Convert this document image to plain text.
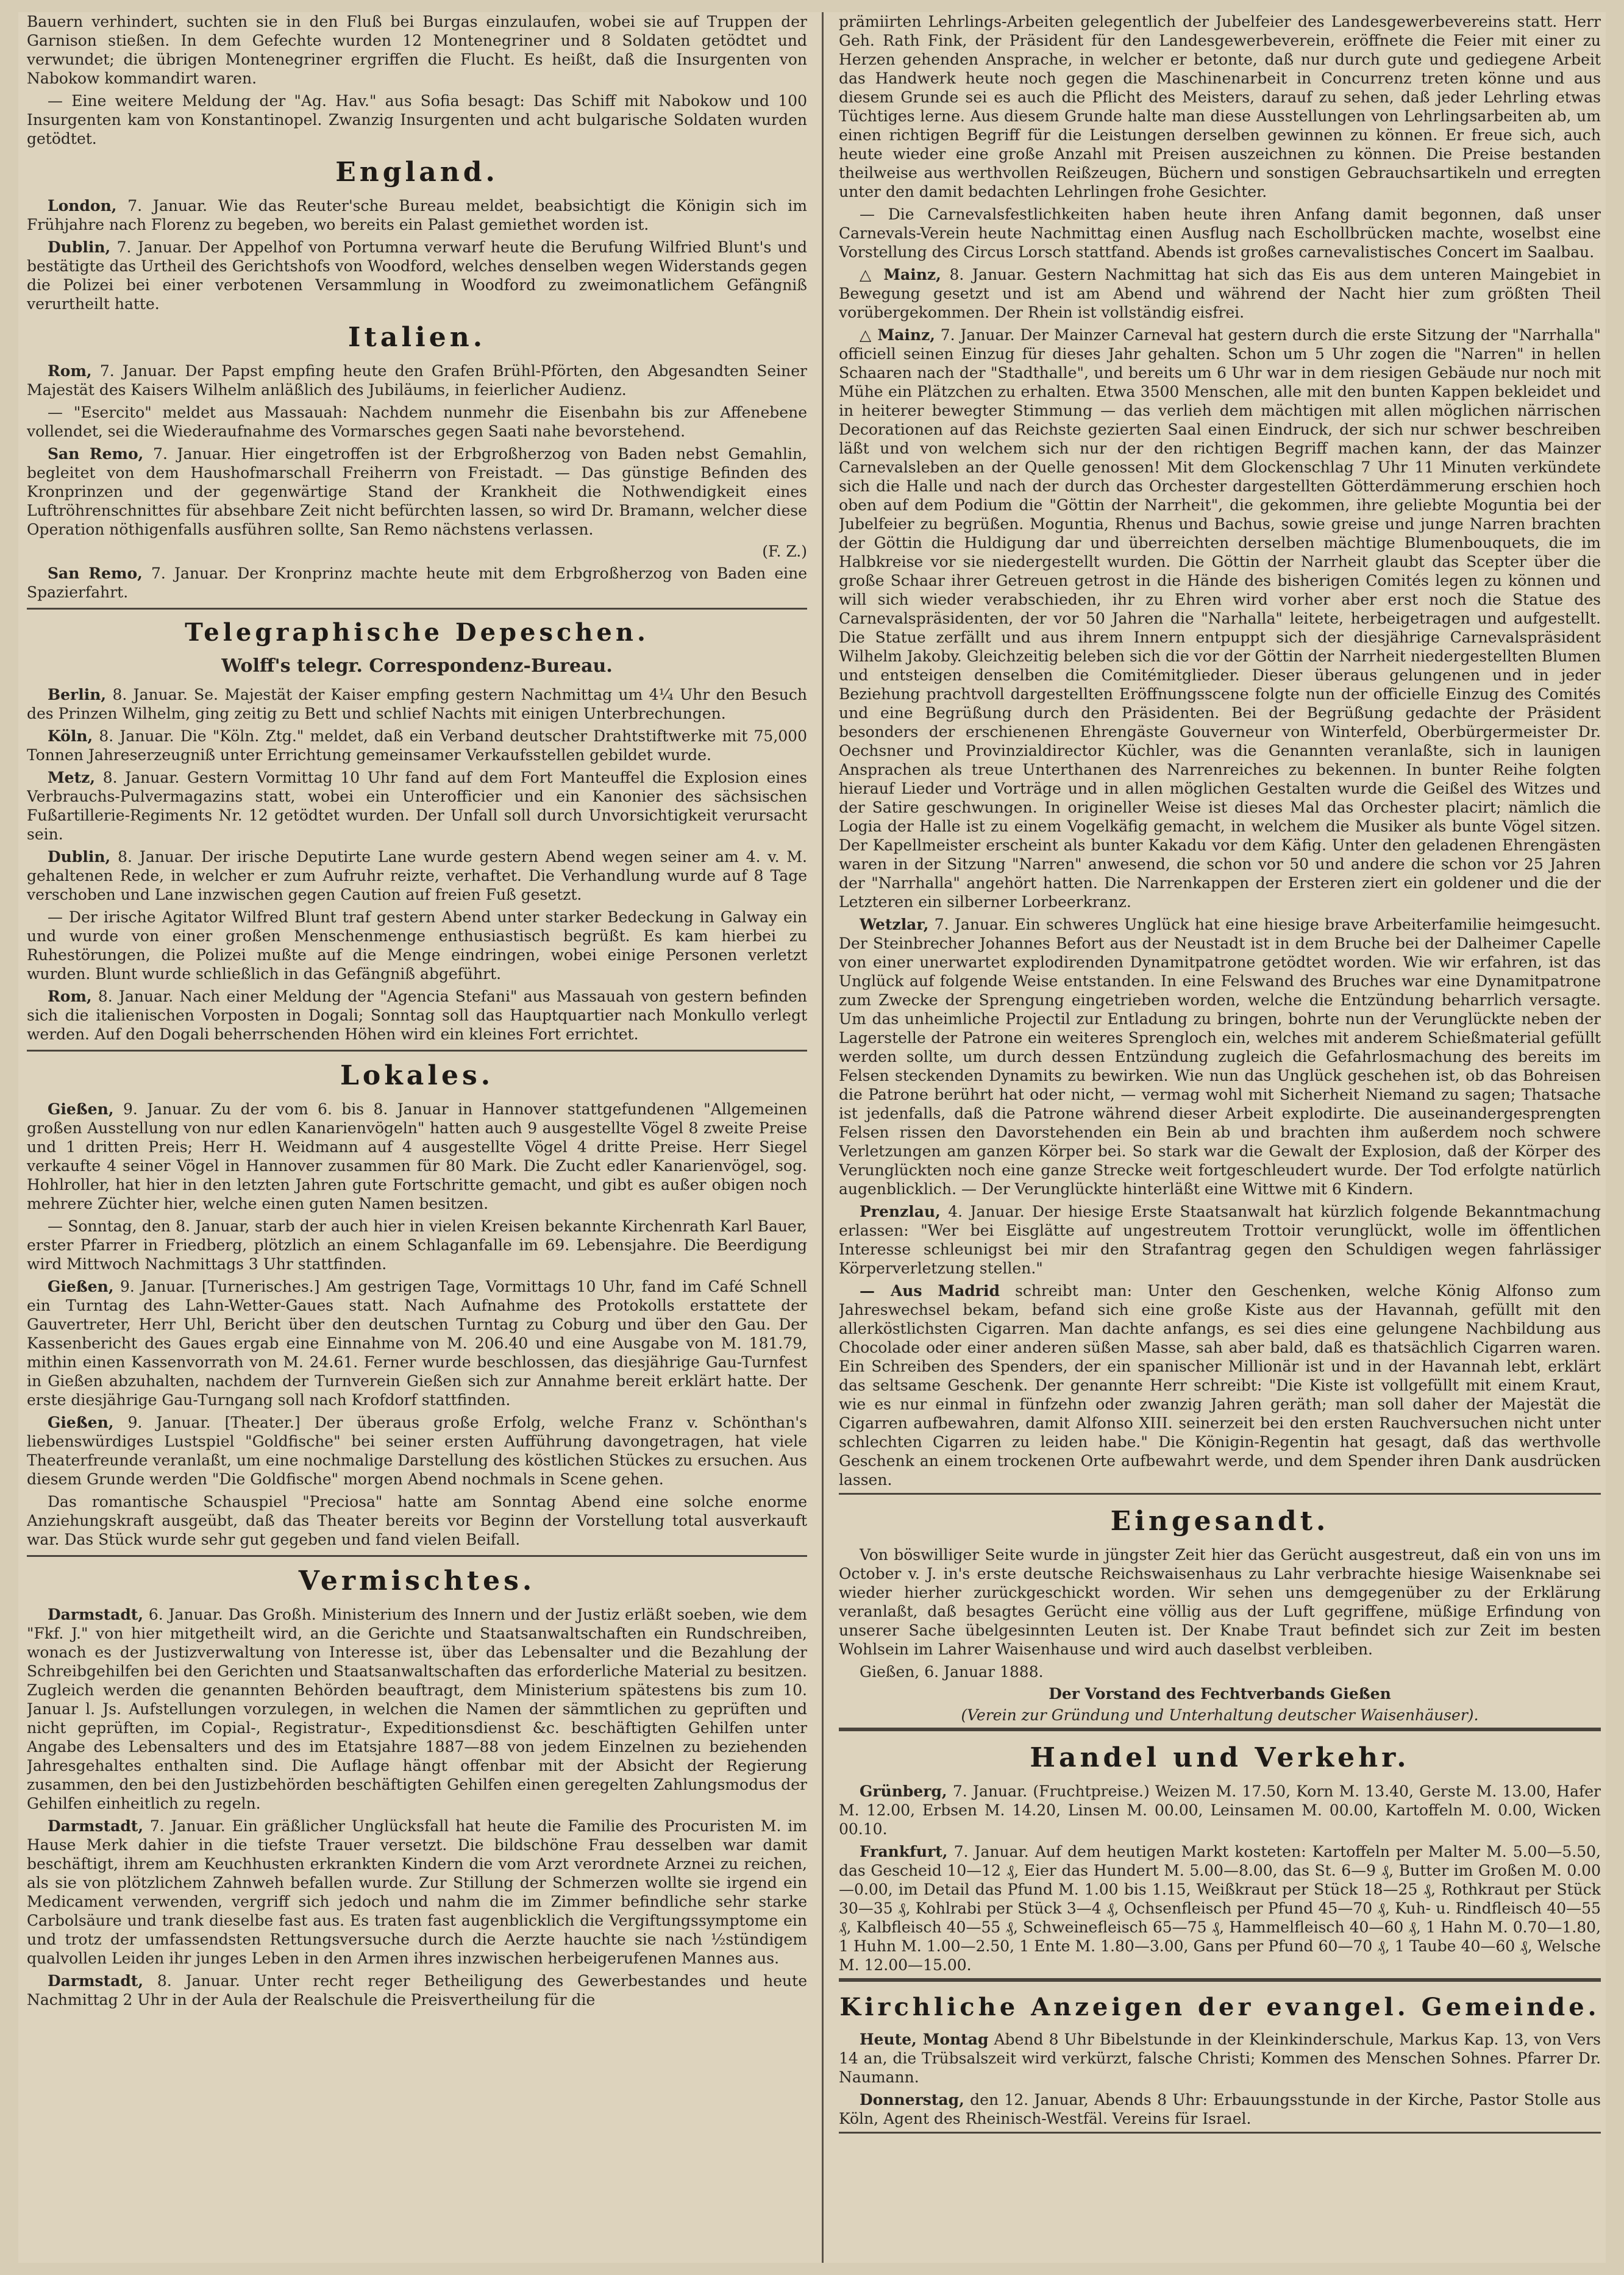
Bauern verhindert, suchten sie in den Fluß bei Burgas einzulaufen, wobei sie auf Truppen der Garnison stießen. In dem Gefechte wurden 12 Montenegriner und 8 Soldaten getödtet und verwundet; die übrigen Montenegriner ergriffen die Flucht. Es heißt, daß die Insurgenten von Nabokow kommandirt waren.

— Eine weitere Meldung der "Ag. Hav." aus Sofia besagt: Das Schiff mit Nabokow und 100 Insurgenten kam von Konstantinopel. Zwanzig Insurgenten und acht bulgarische Soldaten wurden getödtet.

England.

London, 7. Januar. Wie das Reuter'sche Bureau meldet, beabsichtigt die Königin sich im Frühjahre nach Florenz zu begeben, wo bereits ein Palast gemiethet worden ist.

Dublin, 7. Januar. Der Appelhof von Portumna verwarf heute die Berufung Wilfried Blunt's und bestätigte das Urtheil des Gerichtshofs von Woodford, welches denselben wegen Widerstands gegen die Polizei bei einer verbotenen Versammlung in Woodford zu zweimonatlichem Gefängniß verurtheilt hatte.

Italien.

Rom, 7. Januar. Der Papst empfing heute den Grafen Brühl-Pförten, den Abgesandten Seiner Majestät des Kaisers Wilhelm anläßlich des Jubiläums, in feierlicher Audienz.

— "Esercito" meldet aus Massauah: Nachdem nunmehr die Eisenbahn bis zur Affenebene vollendet, sei die Wiederaufnahme des Vormarsches gegen Saati nahe bevorstehend.

San Remo, 7. Januar. Hier eingetroffen ist der Erbgroßherzog von Baden nebst Gemahlin, begleitet von dem Haushofmarschall Freiherrn von Freistadt. — Das günstige Befinden des Kronprinzen und der gegenwärtige Stand der Krankheit die Nothwendigkeit eines Luftröhrenschnittes für absehbare Zeit nicht befürchten lassen, so wird Dr. Bramann, welcher diese Operation nöthigenfalls ausführen sollte, San Remo nächstens verlassen.

(F. Z.)

San Remo, 7. Januar. Der Kronprinz machte heute mit dem Erbgroßherzog von Baden eine Spazierfahrt.

Telegraphische Depeschen.
Wolff's telegr. Correspondenz-Bureau.

Berlin, 8. Januar. Se. Majestät der Kaiser empfing gestern Nachmittag um 4¼ Uhr den Besuch des Prinzen Wilhelm, ging zeitig zu Bett und schlief Nachts mit einigen Unterbrechungen.

Köln, 8. Januar. Die "Köln. Ztg." meldet, daß ein Verband deutscher Drahtstiftwerke mit 75,000 Tonnen Jahreserzeugniß unter Errichtung gemeinsamer Verkaufsstellen gebildet wurde.

Metz, 8. Januar. Gestern Vormittag 10 Uhr fand auf dem Fort Manteuffel die Explosion eines Verbrauchs-Pulvermagazins statt, wobei ein Unterofficier und ein Kanonier des sächsischen Fußartillerie-Regiments Nr. 12 getödtet wurden. Der Unfall soll durch Unvorsichtigkeit verursacht sein.

Dublin, 8. Januar. Der irische Deputirte Lane wurde gestern Abend wegen seiner am 4. v. M. gehaltenen Rede, in welcher er zum Aufruhr reizte, verhaftet. Die Verhandlung wurde auf 8 Tage verschoben und Lane inzwischen gegen Caution auf freien Fuß gesetzt.

— Der irische Agitator Wilfred Blunt traf gestern Abend unter starker Bedeckung in Galway ein und wurde von einer großen Menschenmenge enthusiastisch begrüßt. Es kam hierbei zu Ruhestörungen, die Polizei mußte auf die Menge eindringen, wobei einige Personen verletzt wurden. Blunt wurde schließlich in das Gefängniß abgeführt.

Rom, 8. Januar. Nach einer Meldung der "Agencia Stefani" aus Massauah von gestern befinden sich die italienischen Vorposten in Dogali; Sonntag soll das Hauptquartier nach Monkullo verlegt werden. Auf den Dogali beherrschenden Höhen wird ein kleines Fort errichtet.

Lokales.

Gießen, 9. Januar. Zu der vom 6. bis 8. Januar in Hannover stattgefundenen "Allgemeinen großen Ausstellung von nur edlen Kanarienvögeln" hatten auch 9 ausgestellte Vögel 8 zweite Preise und 1 dritten Preis; Herr H. Weidmann auf 4 ausgestellte Vögel 4 dritte Preise. Herr Siegel verkaufte 4 seiner Vögel in Hannover zusammen für 80 Mark. Die Zucht edler Kanarienvögel, sog. Hohlroller, hat hier in den letzten Jahren gute Fortschritte gemacht, und gibt es außer obigen noch mehrere Züchter hier, welche einen guten Namen besitzen.

— Sonntag, den 8. Januar, starb der auch hier in vielen Kreisen bekannte Kirchenrath Karl Bauer, erster Pfarrer in Friedberg, plötzlich an einem Schlaganfalle im 69. Lebensjahre. Die Beerdigung wird Mittwoch Nachmittags 3 Uhr stattfinden.

Gießen, 9. Januar. [Turnerisches.] Am gestrigen Tage, Vormittags 10 Uhr, fand im Café Schnell ein Turntag des Lahn-Wetter-Gaues statt. Nach Aufnahme des Protokolls erstattete der Gauvertreter, Herr Uhl, Bericht über den deutschen Turntag zu Coburg und über den Gau. Der Kassenbericht des Gaues ergab eine Einnahme von M. 206.40 und eine Ausgabe von M. 181.79, mithin einen Kassenvorrath von M. 24.61. Ferner wurde beschlossen, das diesjährige Gau-Turnfest in Gießen abzuhalten, nachdem der Turnverein Gießen sich zur Annahme bereit erklärt hatte. Der erste diesjährige Gau-Turngang soll nach Krofdorf stattfinden.

Gießen, 9. Januar. [Theater.] Der überaus große Erfolg, welche Franz v. Schönthan's liebenswürdiges Lustspiel "Goldfische" bei seiner ersten Aufführung davongetragen, hat viele Theaterfreunde veranlaßt, um eine nochmalige Darstellung des köstlichen Stückes zu ersuchen. Aus diesem Grunde werden "Die Goldfische" morgen Abend nochmals in Scene gehen.

Das romantische Schauspiel "Preciosa" hatte am Sonntag Abend eine solche enorme Anziehungskraft ausgeübt, daß das Theater bereits vor Beginn der Vorstellung total ausverkauft war. Das Stück wurde sehr gut gegeben und fand vielen Beifall.

Vermischtes.

Darmstadt, 6. Januar. Das Großh. Ministerium des Innern und der Justiz erläßt soeben, wie dem "Fkf. J." von hier mitgetheilt wird, an die Gerichte und Staatsanwaltschaften ein Rundschreiben, wonach es der Justizverwaltung von Interesse ist, über das Lebensalter und die Bezahlung der Schreibgehilfen bei den Gerichten und Staatsanwaltschaften das erforderliche Material zu besitzen. Zugleich werden die genannten Behörden beauftragt, dem Ministerium spätestens bis zum 10. Januar l. Js. Aufstellungen vorzulegen, in welchen die Namen der sämmtlichen zu geprüften und nicht geprüften, im Copial-, Registratur-, Expeditionsdienst &c. beschäftigten Gehilfen unter Angabe des Lebensalters und des im Etatsjahre 1887—88 von jedem Einzelnen zu beziehenden Jahresgehaltes enthalten sind. Die Auflage hängt offenbar mit der Absicht der Regierung zusammen, den bei den Justizbehörden beschäftigten Gehilfen einen geregelten Zahlungsmodus der Gehilfen einheitlich zu regeln.

Darmstadt, 7. Januar. Ein gräßlicher Unglücksfall hat heute die Familie des Procuristen M. im Hause Merk dahier in die tiefste Trauer versetzt. Die bildschöne Frau desselben war damit beschäftigt, ihrem am Keuchhusten erkrankten Kindern die vom Arzt verordnete Arznei zu reichen, als sie von plötzlichem Zahnweh befallen wurde. Zur Stillung der Schmerzen wollte sie irgend ein Medicament verwenden, vergriff sich jedoch und nahm die im Zimmer befindliche sehr starke Carbolsäure und trank dieselbe fast aus. Es traten fast augenblicklich die Vergiftungssymptome ein und trotz der umfassendsten Rettungsversuche durch die Aerzte hauchte sie nach ½stündigem qualvollen Leiden ihr junges Leben in den Armen ihres inzwischen herbeigerufenen Mannes aus.

Darmstadt, 8. Januar. Unter recht reger Betheiligung des Gewerbestandes und heute Nachmittag 2 Uhr in der Aula der Realschule die Preisvertheilung für die

prämiirten Lehrlings-Arbeiten gelegentlich der Jubelfeier des Landesgewerbevereins statt. Herr Geh. Rath Fink, der Präsident für den Landesgewerbeverein, eröffnete die Feier mit einer zu Herzen gehenden Ansprache, in welcher er betonte, daß nur durch gute und gediegene Arbeit das Handwerk heute noch gegen die Maschinenarbeit in Concurrenz treten könne und aus diesem Grunde sei es auch die Pflicht des Meisters, darauf zu sehen, daß jeder Lehrling etwas Tüchtiges lerne. Aus diesem Grunde halte man diese Ausstellungen von Lehrlingsarbeiten ab, um einen richtigen Begriff für die Leistungen derselben gewinnen zu können. Er freue sich, auch heute wieder eine große Anzahl mit Preisen auszeichnen zu können. Die Preise bestanden theilweise aus werthvollen Reißzeugen, Büchern und sonstigen Gebrauchsartikeln und erregten unter den damit bedachten Lehrlingen frohe Gesichter.

— Die Carnevalsfestlichkeiten haben heute ihren Anfang damit begonnen, daß unser Carnevals-Verein heute Nachmittag einen Ausflug nach Eschollbrücken machte, woselbst eine Vorstellung des Circus Lorsch stattfand. Abends ist großes carnevalistisches Concert im Saalbau.

△ Mainz, 8. Januar. Gestern Nachmittag hat sich das Eis aus dem unteren Maingebiet in Bewegung gesetzt und ist am Abend und während der Nacht hier zum größten Theil vorübergekommen. Der Rhein ist vollständig eisfrei.

△ Mainz, 7. Januar. Der Mainzer Carneval hat gestern durch die erste Sitzung der "Narrhalla" officiell seinen Einzug für dieses Jahr gehalten. Schon um 5 Uhr zogen die "Narren" in hellen Schaaren nach der "Stadthalle", und bereits um 6 Uhr war in dem riesigen Gebäude nur noch mit Mühe ein Plätzchen zu erhalten. Etwa 3500 Menschen, alle mit den bunten Kappen bekleidet und in heiterer bewegter Stimmung — das verlieh dem mächtigen mit allen möglichen närrischen Decorationen auf das Reichste gezierten Saal einen Eindruck, der sich nur schwer beschreiben läßt und von welchem sich nur der den richtigen Begriff machen kann, der das Mainzer Carnevalsleben an der Quelle genossen! Mit dem Glockenschlag 7 Uhr 11 Minuten verkündete sich die Halle und nach der durch das Orchester dargestellten Götterdämmerung erschien hoch oben auf dem Podium die "Göttin der Narrheit", die gekommen, ihre geliebte Moguntia bei der Jubelfeier zu begrüßen. Moguntia, Rhenus und Bachus, sowie greise und junge Narren brachten der Göttin die Huldigung dar und überreichten derselben mächtige Blumenbouquets, die im Halbkreise vor sie niedergestellt wurden. Die Göttin der Narrheit glaubt das Scepter über die große Schaar ihrer Getreuen getrost in die Hände des bisherigen Comités legen zu können und will sich wieder verabschieden, ihr zu Ehren wird vorher aber erst noch die Statue des Carnevalspräsidenten, der vor 50 Jahren die "Narhalla" leitete, herbeigetragen und aufgestellt. Die Statue zerfällt und aus ihrem Innern entpuppt sich der diesjährige Carnevalspräsident Wilhelm Jakoby. Gleichzeitig beleben sich die vor der Göttin der Narrheit niedergestellten Blumen und entsteigen denselben die Comitémitglieder. Dieser überaus gelungenen und in jeder Beziehung prachtvoll dargestellten Eröffnungsscene folgte nun der officielle Einzug des Comités und eine Begrüßung durch den Präsidenten. Bei der Begrüßung gedachte der Präsident besonders der erschienenen Ehrengäste Gouverneur von Winterfeld, Oberbürgermeister Dr. Oechsner und Provinzialdirector Küchler, was die Genannten veranlaßte, sich in launigen Ansprachen als treue Unterthanen des Narrenreiches zu bekennen. In bunter Reihe folgten hierauf Lieder und Vorträge und in allen möglichen Gestalten wurde die Geißel des Witzes und der Satire geschwungen. In origineller Weise ist dieses Mal das Orchester placirt; nämlich die Logia der Halle ist zu einem Vogelkäfig gemacht, in welchem die Musiker als bunte Vögel sitzen. Der Kapellmeister erscheint als bunter Kakadu vor dem Käfig. Unter den geladenen Ehrengästen waren in der Sitzung "Narren" anwesend, die schon vor 50 und andere die schon vor 25 Jahren der "Narrhalla" angehört hatten. Die Narrenkappen der Ersteren ziert ein goldener und die der Letzteren ein silberner Lorbeerkranz.

Wetzlar, 7. Januar. Ein schweres Unglück hat eine hiesige brave Arbeiterfamilie heimgesucht. Der Steinbrecher Johannes Befort aus der Neustadt ist in dem Bruche bei der Dalheimer Capelle von einer unerwartet explodirenden Dynamitpatrone getödtet worden. Wie wir erfahren, ist das Unglück auf folgende Weise entstanden. In eine Felswand des Bruches war eine Dynamitpatrone zum Zwecke der Sprengung eingetrieben worden, welche die Entzündung beharrlich versagte. Um das unheimliche Projectil zur Entladung zu bringen, bohrte nun der Verunglückte neben der Lagerstelle der Patrone ein weiteres Sprengloch ein, welches mit anderem Schießmaterial gefüllt werden sollte, um durch dessen Entzündung zugleich die Gefahrlosmachung des bereits im Felsen steckenden Dynamits zu bewirken. Wie nun das Unglück geschehen ist, ob das Bohreisen die Patrone berührt hat oder nicht, — vermag wohl mit Sicherheit Niemand zu sagen; Thatsache ist jedenfalls, daß die Patrone während dieser Arbeit explodirte. Die auseinandergesprengten Felsen rissen den Davorstehenden ein Bein ab und brachten ihm außerdem noch schwere Verletzungen am ganzen Körper bei. So stark war die Gewalt der Explosion, daß der Körper des Verunglückten noch eine ganze Strecke weit fortgeschleudert wurde. Der Tod erfolgte natürlich augenblicklich. — Der Verunglückte hinterläßt eine Wittwe mit 6 Kindern.

Prenzlau, 4. Januar. Der hiesige Erste Staatsanwalt hat kürzlich folgende Bekanntmachung erlassen: "Wer bei Eisglätte auf ungestreutem Trottoir verunglückt, wolle im öffentlichen Interesse schleunigst bei mir den Strafantrag gegen den Schuldigen wegen fahrlässiger Körperverletzung stellen."

— Aus Madrid schreibt man: Unter den Geschenken, welche König Alfonso zum Jahreswechsel bekam, befand sich eine große Kiste aus der Havannah, gefüllt mit den allerköstlichsten Cigarren. Man dachte anfangs, es sei dies eine gelungene Nachbildung aus Chocolade oder einer anderen süßen Masse, sah aber bald, daß es thatsächlich Cigarren waren. Ein Schreiben des Spenders, der ein spanischer Millionär ist und in der Havannah lebt, erklärt das seltsame Geschenk. Der genannte Herr schreibt: "Die Kiste ist vollgefüllt mit einem Kraut, wie es nur einmal in fünfzehn oder zwanzig Jahren geräth; man soll daher der Majestät die Cigarren aufbewahren, damit Alfonso XIII. seinerzeit bei den ersten Rauchversuchen nicht unter schlechten Cigarren zu leiden habe." Die Königin-Regentin hat gesagt, daß das werthvolle Geschenk an einem trockenen Orte aufbewahrt werde, und dem Spender ihren Dank ausdrücken lassen.

Eingesandt.

Von böswilliger Seite wurde in jüngster Zeit hier das Gerücht ausgestreut, daß ein von uns im October v. J. in's erste deutsche Reichswaisenhaus zu Lahr verbrachte hiesige Waisenknabe sei wieder hierher zurückgeschickt worden. Wir sehen uns demgegenüber zu der Erklärung veranlaßt, daß besagtes Gerücht eine völlig aus der Luft gegriffene, müßige Erfindung von unserer Sache übelgesinnten Leuten ist. Der Knabe Traut befindet sich zur Zeit im besten Wohlsein im Lahrer Waisenhause und wird auch daselbst verbleiben.

Gießen, 6. Januar 1888.

Der Vorstand des Fechtverbands Gießen

(Verein zur Gründung und Unterhaltung deutscher Waisenhäuser).

Handel und Verkehr.

Grünberg, 7. Januar. (Fruchtpreise.) Weizen M. 17.50, Korn M. 13.40, Gerste M. 13.00, Hafer M. 12.00, Erbsen M. 14.20, Linsen M. 00.00, Leinsamen M. 00.00, Kartoffeln M. 0.00, Wicken 00.10.

Frankfurt, 7. Januar. Auf dem heutigen Markt kosteten: Kartoffeln per Malter M. 5.00—5.50, das Gescheid 10—12 ₰, Eier das Hundert M. 5.00—8.00, das St. 6—9 ₰, Butter im Großen M. 0.00—0.00, im Detail das Pfund M. 1.00 bis 1.15, Weißkraut per Stück 18—25 ₰, Rothkraut per Stück 30—35 ₰, Kohlrabi per Stück 3—4 ₰, Ochsenfleisch per Pfund 45—70 ₰, Kuh- u. Rindfleisch 40—55 ₰, Kalbfleisch 40—55 ₰, Schweinefleisch 65—75 ₰, Hammelfleisch 40—60 ₰, 1 Hahn M. 0.70—1.80, 1 Huhn M. 1.00—2.50, 1 Ente M. 1.80—3.00, Gans per Pfund 60—70 ₰, 1 Taube 40—60 ₰, Welsche M. 12.00—15.00.

Kirchliche Anzeigen der evangel. Gemeinde.

Heute, Montag Abend 8 Uhr Bibelstunde in der Kleinkinderschule, Markus Kap. 13, von Vers 14 an, die Trübsalszeit wird verkürzt, falsche Christi; Kommen des Menschen Sohnes. Pfarrer Dr. Naumann.

Donnerstag, den 12. Januar, Abends 8 Uhr: Erbauungsstunde in der Kirche, Pastor Stolle aus Köln, Agent des Rheinisch-Westfäl. Vereins für Israel.
